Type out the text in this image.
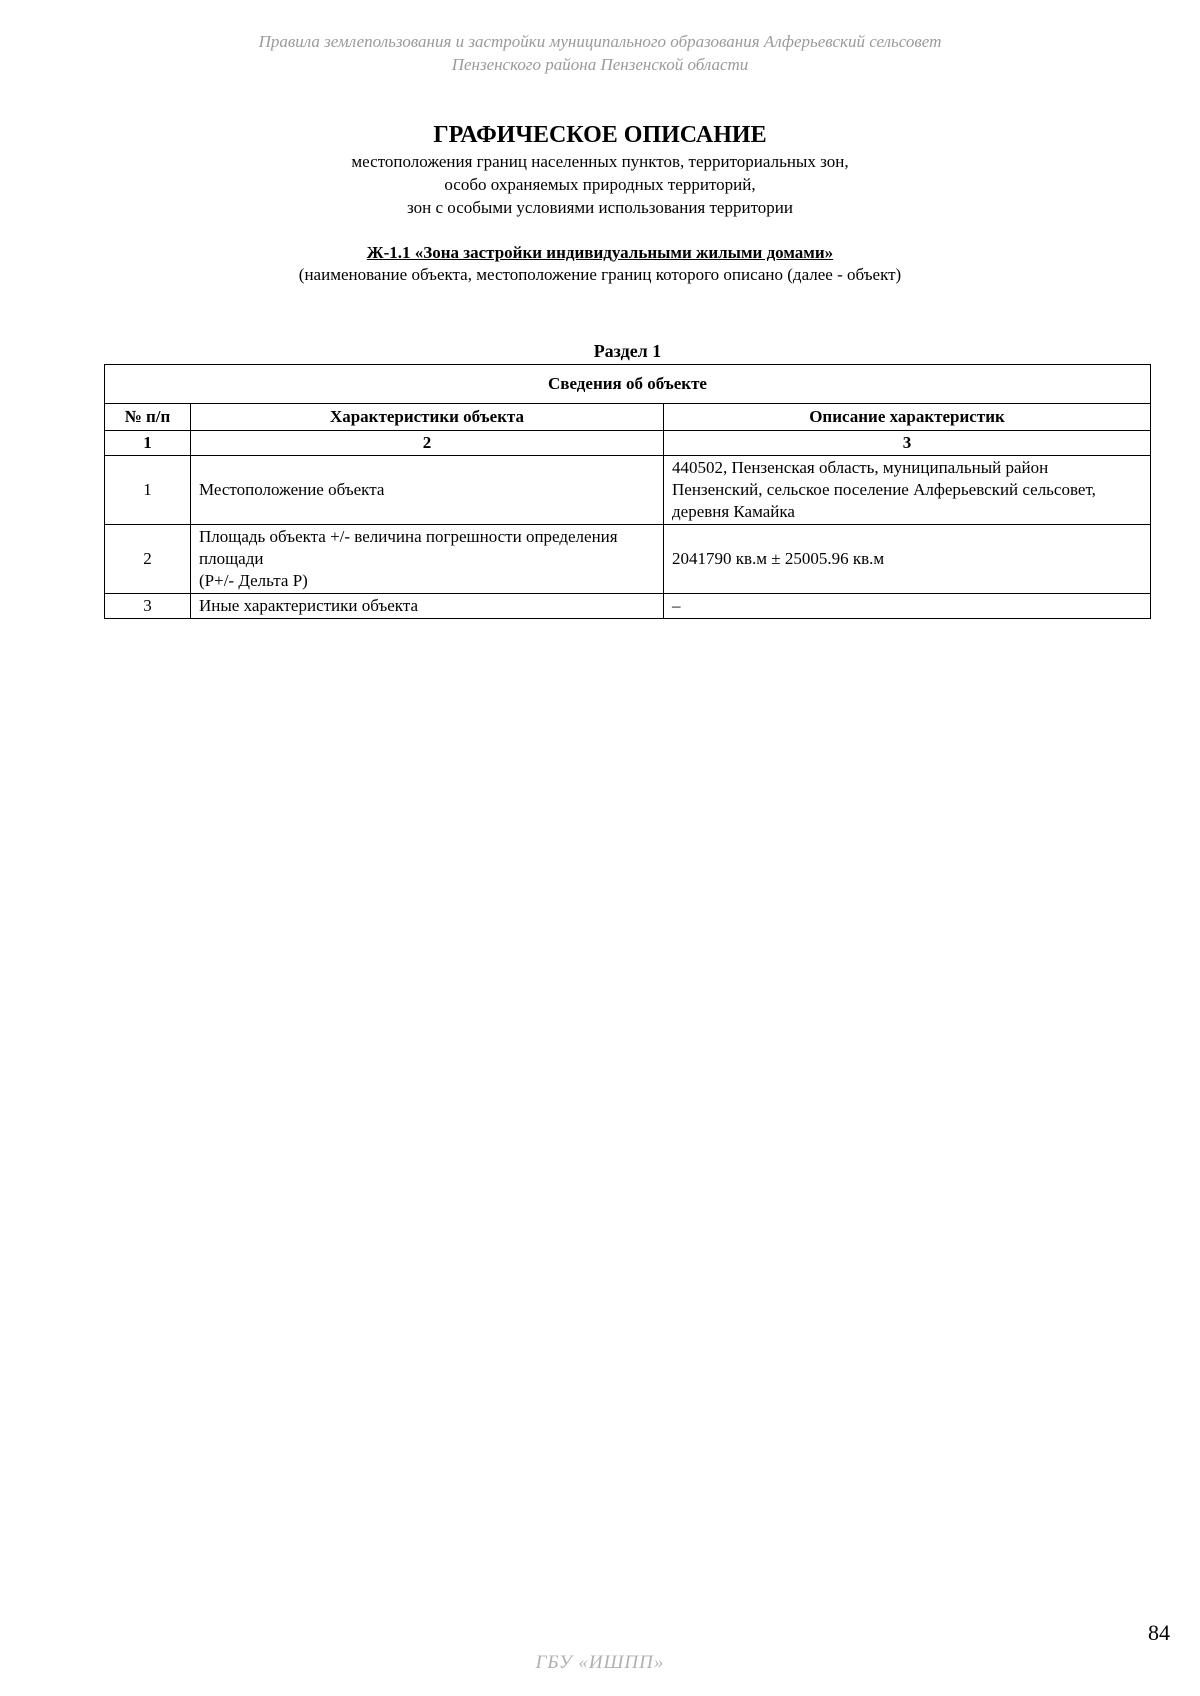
Правила землепользования и застройки муниципального образования Алферьевский сельсовет
Пензенского района Пензенской области

ГРАФИЧЕСКОЕ ОПИСАНИЕ

местоположения границ населенных пунктов, территориальных зон,

особо охраняемых природных территорий,

зон с особыми условиями использования территории

Ж-1.1 «Зона застройки индивидуальными жилыми домами»
(наименование объекта, местоположение границ которого описано (далее - объект)
Раздел 1
Сведения об объекте		
№ п/п	Характеристики объекта	Описание характеристик
1	2	3
1	Местоположение объекта	440502, Пензенская область, муниципальный район Пензенский, сельское поселение Алферьевский сельсовет, деревня Камайка
2	Площадь объекта +/- величина погрешности определения площади
(P+/- Дельта P)	2041790 кв.м ± 25005.96 кв.м
3	Иные характеристики объекта	–
84
ГБУ «ИШПП»
